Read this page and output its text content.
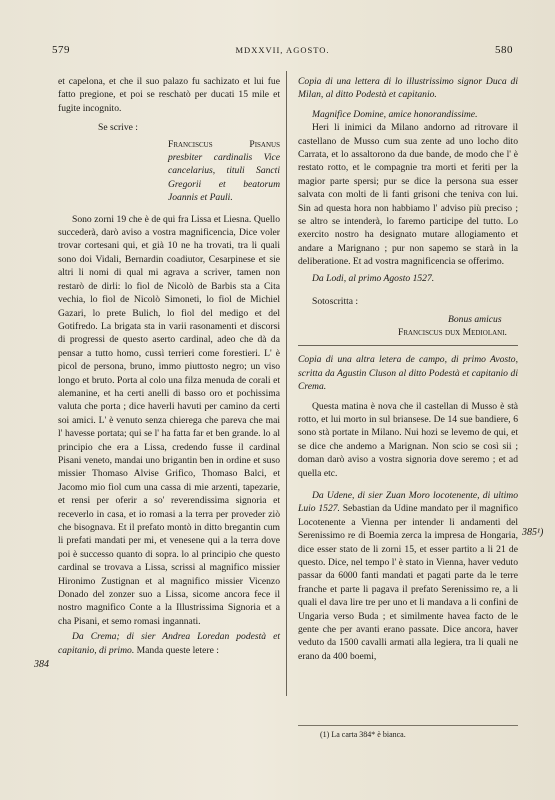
579	MDXXVII, AGOSTO.	580

et capelona, et che il suo palazo fu sachizato et lui fue fatto pregione, et poi se reschatò per ducati 15 mile et fugite incognito.

Se scrive :

Franciscus Pisanus presbiter cardinalis Vice cancelarius, tituli Sancti Gregorii et beatorum Joannis et Pauli.

Sono zorni 19 che è de qui fra Lissa et Liesna. Quello succederà, darò aviso a vostra magnificencia, Dice voler trovar cortesani qui, et già 10 ne ha trovati, tra li quali sono doi Vidali, Bernardin coadiutor, Cesarpinese et sie altri li nomi di qual mi agrava a scriver, tamen non restarò de dirli: lo fiol de Nicolò de Barbis sta a Cita vechia, lo fiol de Nicolò Simoneti, lo fiol de Michiel Gazari, lo prete Bulich, lo fiol del medigo et del Gotifredo. La brigata sta in varii rasonamenti et discorsi di progressi de questo aserto cardinal, adeo che dà da pensar a tutto homo, cussì terrieri come forestieri. L' è picol de persona, bruno, immo piuttosto negro; un viso longo et bruto. Porta al colo una filza menuda de corali et alemanine, et ha certi anelli di basso oro et pochissima valuta che porta ; dice haverli havuti per camino da certi soi amici. L' è venuto senza chierega che pareva che mai l' havesse portata; qui se l' ha fatta far et ben grande. lo al principio che era a Lissa, credendo fusse il cardinal Pisani veneto, mandai uno brigantin ben in ordine et suso missier Thomaso Alvise Grifico, Thomaso Balci, et Jacomo mio fiol cum una cassa di mie arzenti, tapezarie, et rensi per oferir a so' reverendissima signoria et receverlo in casa, et io romasi a la terra per proveder ziò che bisognava. Et il prefato montò in ditto bregantin cum li prefati mandati per mi, et venesene qui a la terra dove poi è successo quanto di sopra. lo al principio che questo cardinal se trovava a Lissa, scrissi al magnifico missier Hironimo Zustignan et al magnifico missier Vicenzo Donado del zonzer suo a Lissa, sicome ancora fece il nostro magnifico Conte a la Illustrissima Signoria et a cha Pisani, et semo romasi ingannati.

Da Crema; di sier Andrea Loredan podestà et capitanio, di primo. Manda queste letere :

Copia di una lettera di lo illustrissimo signor Duca di Milan, al ditto Podestà et capitanio.

Magnifice Domine, amice honorandissime.

Heri li inimici da Milano andorno ad ritrovare il castellano de Musso cum sua zente ad uno locho dito Carrata, et lo assaltorono da due bande, de modo che l' è restato rotto, et le compagnie tra morti et feriti per la magior parte spersi; pur se dice la persona sua esser salvata con molti de li fanti grisoni che teniva con lui. Sin ad questa hora non habbiamo l' adviso più preciso ; se altro se intenderà, lo faremo participe del tutto. Lo exercito nostro ha designato mutare allogiamento et andare a Marignano ; pur non sapemo se starà in la deliberatione. Et ad vostra magnificencia se offerimo.

Da Lodi, al primo Agosto 1527.

Sotoscritta :

Bonus amicus

Franciscus dux Mediolani.

Copia di una altra letera de campo, di primo Avosto, scritta da Agustin Cluson al ditto Podestà et capitanio di Crema.

Questa matina è nova che il castellan di Musso è stà rotto, et lui morto in sul briansese. De 14 sue bandiere, 6 sono stà portate in Milano. Nui hozi se levemo de qui, et se dice che andemo a Marignan. Non scio se così sii ; doman darò aviso a vostra signoria dove seremo ; et ad quella etc.

Da Udene, di sier Zuan Moro locotenente, di ultimo Luio 1527. Sebastian da Udine mandato per il magnifico Locotenente a Vienna per intender li andamenti del Serenissimo re di Boemia zerca la impresa de Hongaria, dice esser stato de li zorni 15, et esser partito a li 21 de questo. Dice, nel tempo l' è stato in Vienna, haver veduto passar da 6000 fanti mandati et pagati parte da le terre franche et parte li pagava il prefato Serenissimo re, a li quali el dava lire tre per uno et li mandava a li confini de Ungaria verso Buda ; et similmente havea facto de le gente che per avanti erano passate. Dice ancora, haver veduto da 1500 cavalli armati alla legiera, tra li quali ne erano da 400 boemi,

384
385¹)
(1) La carta 384* è bianca.
